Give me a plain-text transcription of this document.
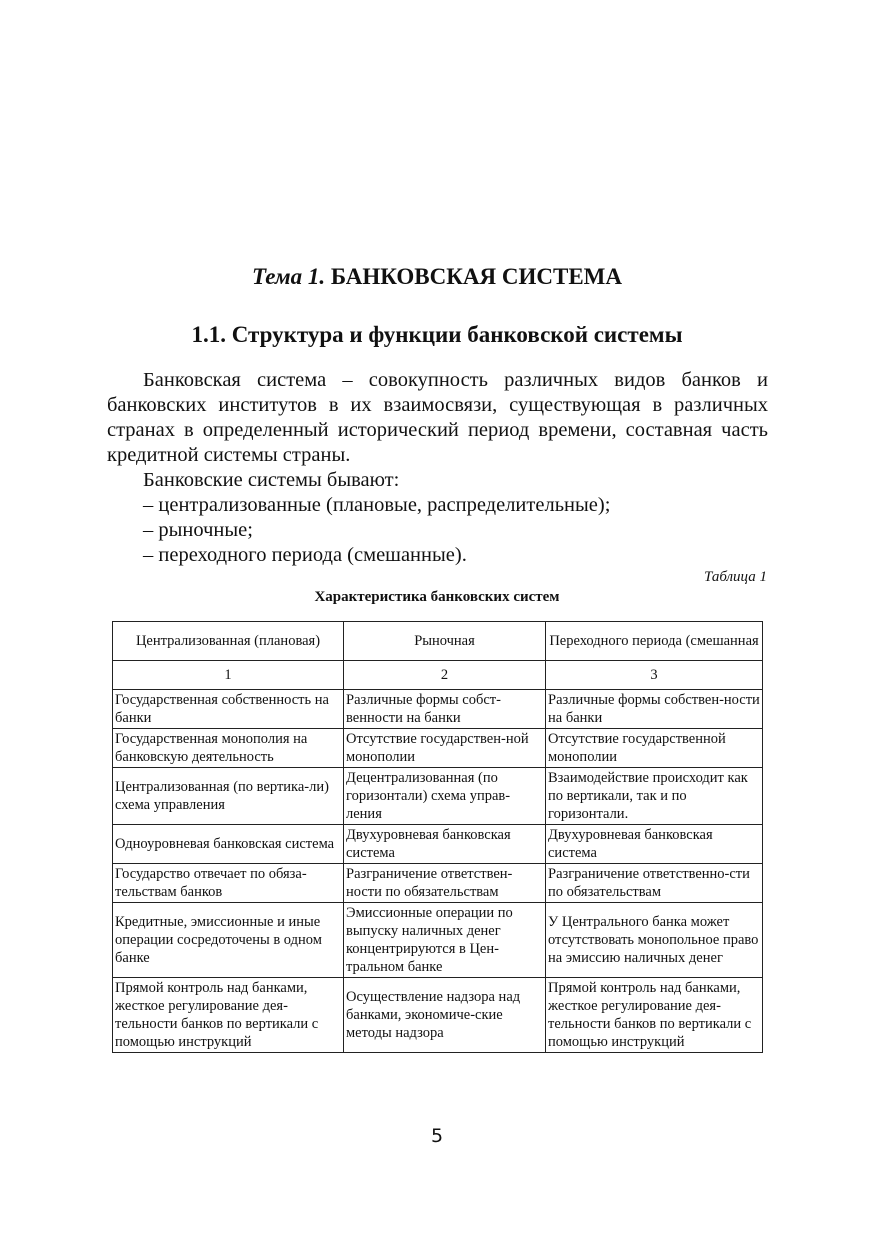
Тема 1. БАНКОВСКАЯ СИСТЕМА
1.1. Структура и функции банковской системы
Банковская система – совокупность различных видов банков и банковских институтов в их взаимосвязи, существующая в различных странах в определенный исторический период времени, составная часть кредитной системы страны.
Банковские системы бывают:
– централизованные (плановые, распределительные);
– рыночные;
– переходного периода (смешанные).
Таблица 1
Характеристика банковских систем
Централизованная (плановая)	Рыночная	Переходного периода (смешанная
1	2	3
Государственная собственность на банки	Различные формы собст-венности на банки	Различные формы собствен-ности на банки
Государственная монополия на банковскую деятельность	Отсутствие государствен-ной монополии	Отсутствие государственной монополии
Централизованная (по вертика-ли) схема управления	Децентрализованная (по горизонтали) схема управ-ления	Взаимодействие происходит как по вертикали, так и по горизонтали.
Одноуровневая банковская система	Двухуровневая банковская система	Двухуровневая банковская система
Государство отвечает по обяза-тельствам банков	Разграничение ответствен-ности по обязательствам	Разграничение ответственно-сти по обязательствам
Кредитные, эмиссионные и иные операции сосредоточены в одном банке	Эмиссионные операции по выпуску наличных денег концентрируются в Цен-тральном банке	У Центрального банка может отсутствовать монопольное право на эмиссию наличных денег
Прямой контроль над банками, жесткое регулирование дея-тельности банков по вертикали с помощью инструкций	Осуществление надзора над банками, экономиче-ские методы надзора	Прямой контроль над банками, жесткое регулирование дея-тельности банков по вертикали с помощью инструкций
5
